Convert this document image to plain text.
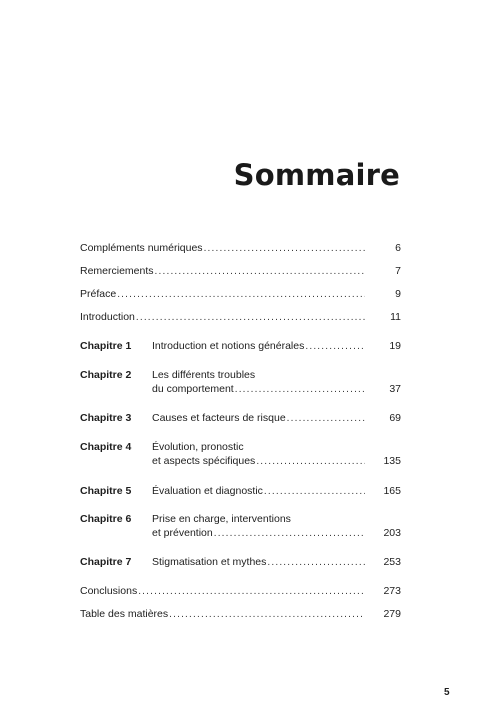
Sommaire
Compléments numériques .....	6
Remerciements .....	7
Préface .....	9
Introduction .....	11
Chapitre 1 Introduction et notions générales .....	19
Chapitre 2 Les différents troubles
du comportement .....	37
Chapitre 3 Causes et facteurs de risque .....	69
Chapitre 4 Évolution, pronostic
et aspects spécifiques .....	135
Chapitre 5 Évaluation et diagnostic .....	165
Chapitre 6 Prise en charge, interventions
et prévention .....	203
Chapitre 7 Stigmatisation et mythes .....	253
Conclusions .....	273
Table des matières .....	279
5
